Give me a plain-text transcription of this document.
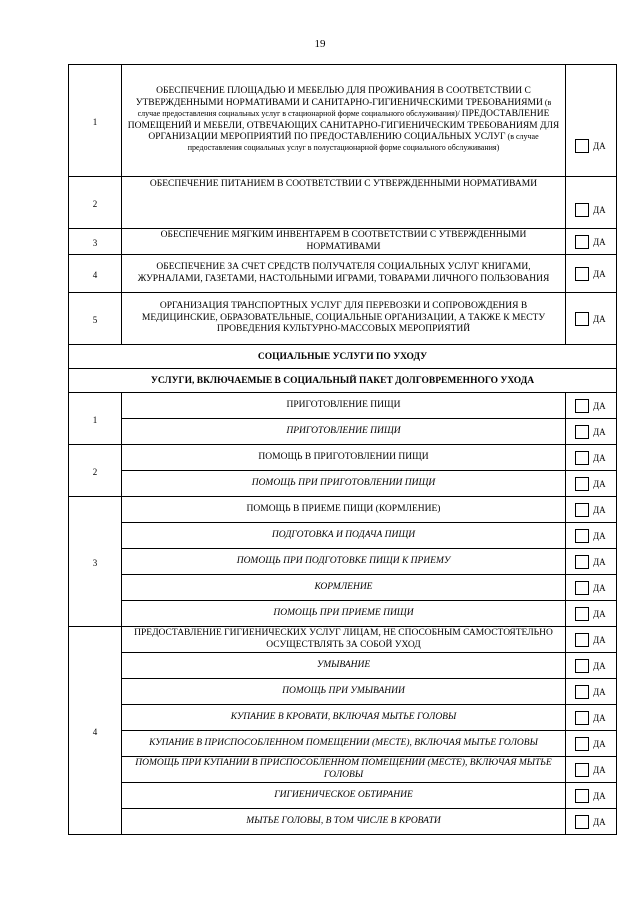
19
1	ОБЕСПЕЧЕНИЕ ПЛОЩАДЬЮ И МЕБЕЛЬЮ ДЛЯ ПРОЖИВАНИЯ В СООТВЕТСТВИИ С УТВЕРЖДЕННЫМИ НОРМАТИВАМИ И САНИТАРНО-ГИГИЕНИЧЕСКИМИ ТРЕБОВАНИЯМИ (в случае предоставления социальных услуг в стационарной форме социального обслуживания)/ ПРЕДОСТАВЛЕНИЕ ПОМЕЩЕНИЙ И МЕБЕЛИ, ОТВЕЧАЮЩИХ САНИТАРНО-ГИГИЕНИЧЕСКИМ ТРЕБОВАНИЯМ ДЛЯ ОРГАНИЗАЦИИ МЕРОПРИЯТИЙ ПО ПРЕДОСТАВЛЕНИЮ СОЦИАЛЬНЫХ УСЛУГ (в случае предоставления социальных услуг в полустационарной форме социального обслуживания)	ДА

2	ОБЕСПЕЧЕНИЕ ПИТАНИЕМ В СООТВЕТСТВИИ С УТВЕРЖДЕННЫМИ НОРМАТИВАМИ	ДА

3	ОБЕСПЕЧЕНИЕ МЯГКИМ ИНВЕНТАРЕМ В СООТВЕТСТВИИ С УТВЕРЖДЕННЫМИ НОРМАТИВАМИ	ДА

4	ОБЕСПЕЧЕНИЕ ЗА СЧЕТ СРЕДСТВ ПОЛУЧАТЕЛЯ СОЦИАЛЬНЫХ УСЛУГ КНИГАМИ, ЖУРНАЛАМИ, ГАЗЕТАМИ, НАСТОЛЬНЫМИ ИГРАМИ, ТОВАРАМИ ЛИЧНОГО ПОЛЬЗОВАНИЯ	ДА

5	ОРГАНИЗАЦИЯ ТРАНСПОРТНЫХ УСЛУГ ДЛЯ ПЕРЕВОЗКИ И СОПРОВОЖДЕНИЯ В МЕДИЦИНСКИЕ, ОБРАЗОВАТЕЛЬНЫЕ, СОЦИАЛЬНЫЕ ОРГАНИЗАЦИИ, А ТАКЖЕ К МЕСТУ ПРОВЕДЕНИЯ КУЛЬТУРНО-МАССОВЫХ МЕРОПРИЯТИЙ	ДА

СОЦИАЛЬНЫЕ УСЛУГИ ПО УХОДУ		
УСЛУГИ, ВКЛЮЧАЕМЫЕ В СОЦИАЛЬНЫЙ ПАКЕТ ДОЛГОВРЕМЕННОГО УХОДА		
1	ПРИГОТОВЛЕНИЕ ПИЩИ	ДА

	ПРИГОТОВЛЕНИЕ ПИЩИ	ДА

2	ПОМОЩЬ В ПРИГОТОВЛЕНИИ ПИЩИ	ДА

	ПОМОЩЬ ПРИ ПРИГОТОВЛЕНИИ ПИЩИ	ДА

3	ПОМОЩЬ В ПРИЕМЕ ПИЩИ (КОРМЛЕНИЕ)	ДА

	ПОДГОТОВКА И ПОДАЧА ПИЩИ	ДА

	ПОМОЩЬ ПРИ ПОДГОТОВКЕ ПИЩИ К ПРИЕМУ	ДА

	КОРМЛЕНИЕ	ДА

	ПОМОЩЬ ПРИ ПРИЕМЕ ПИЩИ	ДА

4	ПРЕДОСТАВЛЕНИЕ ГИГИЕНИЧЕСКИХ УСЛУГ ЛИЦАМ, НЕ СПОСОБНЫМ САМОСТОЯТЕЛЬНО ОСУЩЕСТВЛЯТЬ ЗА СОБОЙ УХОД	ДА

	УМЫВАНИЕ	ДА

	ПОМОЩЬ ПРИ УМЫВАНИИ	ДА

	КУПАНИЕ В КРОВАТИ, ВКЛЮЧАЯ МЫТЬЕ ГОЛОВЫ	ДА

	КУПАНИЕ В ПРИСПОСОБЛЕННОМ ПОМЕЩЕНИИ (МЕСТЕ), ВКЛЮЧАЯ МЫТЬЕ ГОЛОВЫ	ДА

	ПОМОЩЬ ПРИ КУПАНИИ В ПРИСПОСОБЛЕННОМ ПОМЕЩЕНИИ (МЕСТЕ), ВКЛЮЧАЯ МЫТЬЕ ГОЛОВЫ	ДА

	ГИГИЕНИЧЕСКОЕ ОБТИРАНИЕ	ДА

	МЫТЬЕ ГОЛОВЫ, В ТОМ ЧИСЛЕ В КРОВАТИ	ДА
